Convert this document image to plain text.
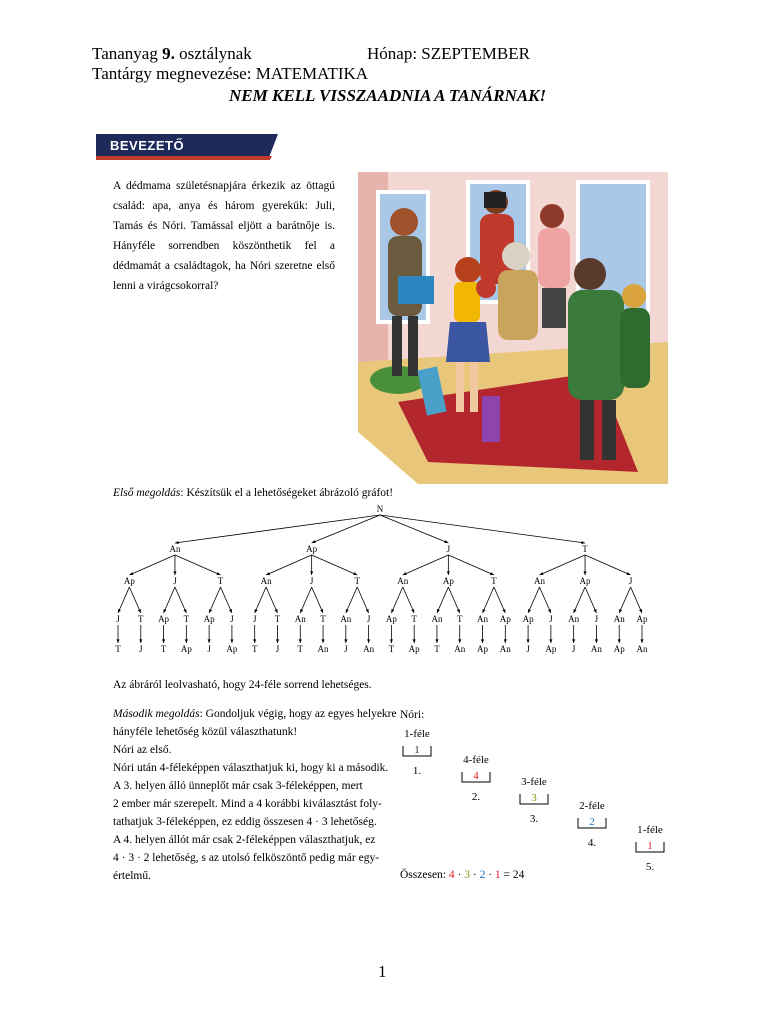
Tananyag 9. osztálynak	Hónap: SZEPTEMBER
Tantárgy megnevezése: MATEMATIKA
NEM KELL VISSZAADNIA A TANÁRNAK!
BEVEZETŐ
A dédmama születésnapjára érkezik az öttagú család: apa, anya és három gyerekük: Juli, Tamás és Nóri. Tamással eljött a barátnője is. Hányféle sorrendben köszönthetik fel a dédmamát a családtagok, ha Nóri szeretne első lenni a virágcsokorral?
Első megoldás: Készítsük el a lehetőségeket ábrázoló gráfot!
N
An	Ap	J	T
Ap	J	T	An	J	T	An	Ap	T	An	Ap	J
J T Ap T Ap J J T An T An J Ap T An T An Ap Ap J An J An Ap
T J T Ap J Ap T J T An J An T Ap T An Ap An J Ap J An Ap An
Az ábráról leolvasható, hogy 24-féle sorrend lehetséges.
Második megoldás: Gondoljuk végig, hogy az egyes helyekre
hányféle lehetőség közül választhatunk!
Nóri az első.
Nóri után 4-féleképpen választhatjuk ki, hogy ki a második.
A 3. helyen álló ünneplőt már csak 3-féleképpen, mert
2 ember már szerepelt. Mind a 4 korábbi kiválasztást foly-
tathatjuk 3-féleképpen, ez eddig összesen 4 · 3 lehetőség.
A 4. helyen állót már csak 2-féleképpen választhatjuk, ez
4 · 3 · 2 lehetőség, s az utolsó felköszöntő pedig már egy-
értelmű.
Nóri:
1-féle
1
1.
4-féle
4
2.
3-féle
3
3.
2-féle
2
4.
1-féle
1
5.
Összesen: 4 · 3 · 2 · 1 = 24
1
